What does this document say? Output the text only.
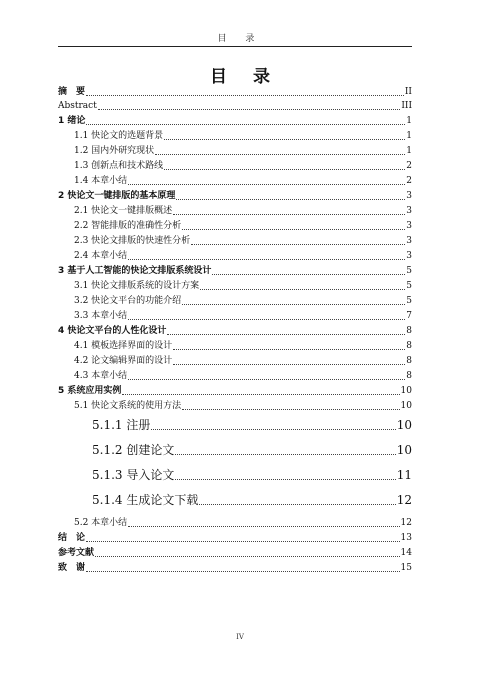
目 录
目 录
摘　要	II
Abstract	III
1 绪论	1
1.1 快论文的选题背景	1
1.2 国内外研究现状	1
1.3 创新点和技术路线	2
1.4 本章小结	2
2 快论文一键排版的基本原理	3
2.1 快论文一键排版概述	3
2.2 智能排版的准确性分析	3
2.3 快论文排版的快速性分析	3
2.4 本章小结	3
3 基于人工智能的快论文排版系统设计	5
3.1 快论文排版系统的设计方案	5
3.2 快论文平台的功能介绍	5
3.3 本章小结	7
4 快论文平台的人性化设计	8
4.1 模板选择界面的设计	8
4.2 论文编辑界面的设计	8
4.3 本章小结	8
5 系统应用实例	10
5.1 快论文系统的使用方法	10
5.1.1 注册	10
5.1.2 创建论文	10
5.1.3 导入论文	11
5.1.4 生成论文下载	12
5.2 本章小结	12
结　论	13
参考文献	14
致　谢	15
IV
